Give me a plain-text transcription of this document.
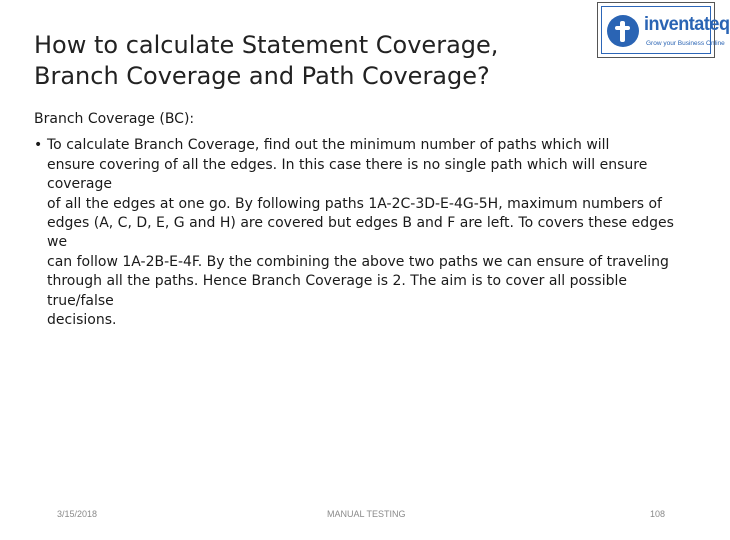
How to calculate Statement Coverage,
Branch Coverage and Path Coverage?
inventateq
Grow your Business Online
Branch Coverage (BC):
• To calculate Branch Coverage, find out the minimum number of paths which will
ensure covering of all the edges. In this case there is no single path which will ensure
coverage
of all the edges at one go. By following paths 1A-2C-3D-E-4G-5H, maximum numbers of
edges (A, C, D, E, G and H) are covered but edges B and F are left. To covers these edges
we
can follow 1A-2B-E-4F. By the combining the above two paths we can ensure of traveling
through all the paths. Hence Branch Coverage is 2. The aim is to cover all possible
true/false
decisions.
3/15/2018	MANUAL TESTING	108
